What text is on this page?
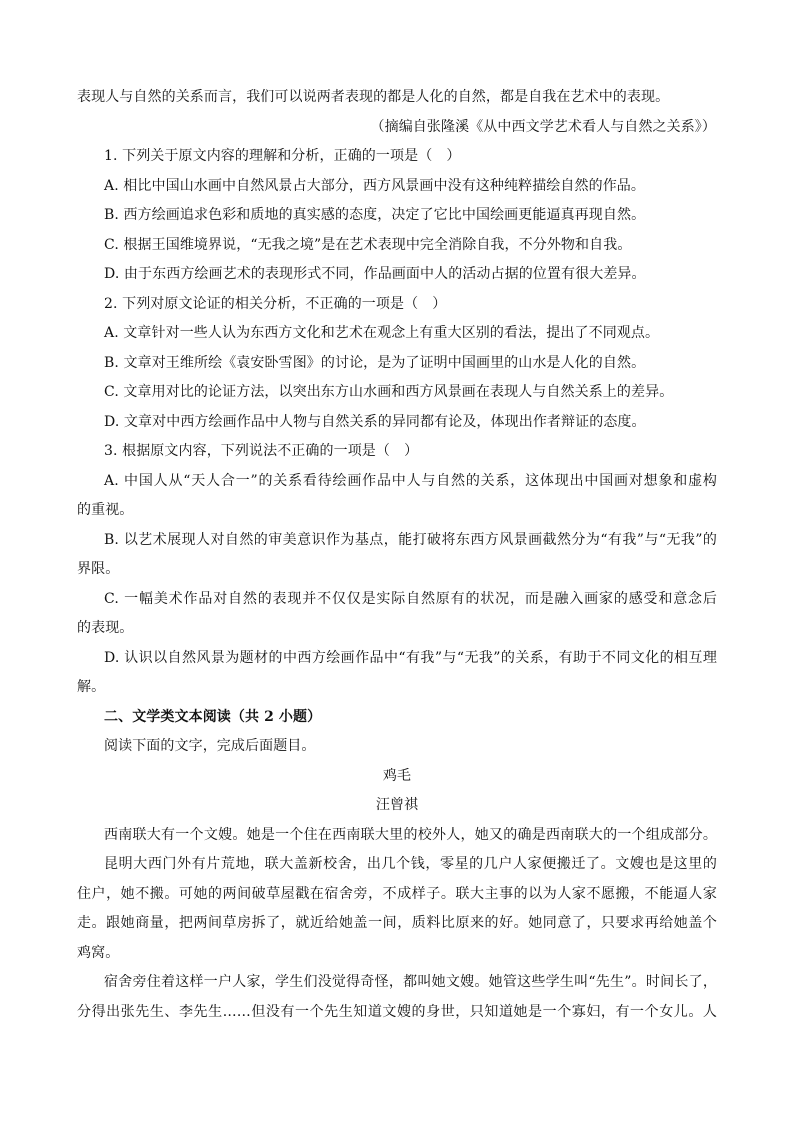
表现人与自然的关系而言，我们可以说两者表现的都是人化的自然，都是自我在艺术中的表现。
（摘编自张隆溪《从中西文学艺术看人与自然之关系》）
1. 下列关于原文内容的理解和分析，正确的一项是（　）
A. 相比中国山水画中自然风景占大部分，西方风景画中没有这种纯粹描绘自然的作品。
B. 西方绘画追求色彩和质地的真实感的态度，决定了它比中国绘画更能逼真再现自然。
C. 根据王国维境界说，“无我之境”是在艺术表现中完全消除自我，不分外物和自我。
D. 由于东西方绘画艺术的表现形式不同，作品画面中人的活动占据的位置有很大差异。
2. 下列对原文论证的相关分析，不正确的一项是（　）
A. 文章针对一些人认为东西方文化和艺术在观念上有重大区别的看法，提出了不同观点。
B. 文章对王维所绘《袁安卧雪图》的讨论，是为了证明中国画里的山水是人化的自然。
C. 文章用对比的论证方法，以突出东方山水画和西方风景画在表现人与自然关系上的差异。
D. 文章对中西方绘画作品中人物与自然关系的异同都有论及，体现出作者辩证的态度。
3. 根据原文内容，下列说法不正确的一项是（　）
A. 中国人从“天人合一”的关系看待绘画作品中人与自然的关系，这体现出中国画对想象和虚构
的重视。
B. 以艺术展现人对自然的审美意识作为基点，能打破将东西方风景画截然分为“有我”与“无我”的
界限。
C. 一幅美术作品对自然的表现并不仅仅是实际自然原有的状况，而是融入画家的感受和意念后
的表现。
D. 认识以自然风景为题材的中西方绘画作品中“有我”与“无我”的关系，有助于不同文化的相互理
解。
二、文学类文本阅读（共 2 小题）
阅读下面的文字，完成后面题目。
鸡毛
汪曾祺
西南联大有一个文嫂。她是一个住在西南联大里的校外人，她又的确是西南联大的一个组成部分。
昆明大西门外有片荒地，联大盖新校舍，出几个钱，零星的几户人家便搬迁了。文嫂也是这里的
住户，她不搬。可她的两间破草屋戳在宿舍旁，不成样子。联大主事的以为人家不愿搬，不能逼人家
走。跟她商量，把两间草房拆了，就近给她盖一间，质料比原来的好。她同意了，只要求再给她盖个
鸡窝。
宿舍旁住着这样一户人家，学生们没觉得奇怪，都叫她文嫂。她管这些学生叫“先生”。时间长了，
分得出张先生、李先生……但没有一个先生知道文嫂的身世，只知道她是一个寡妇，有一个女儿。人
